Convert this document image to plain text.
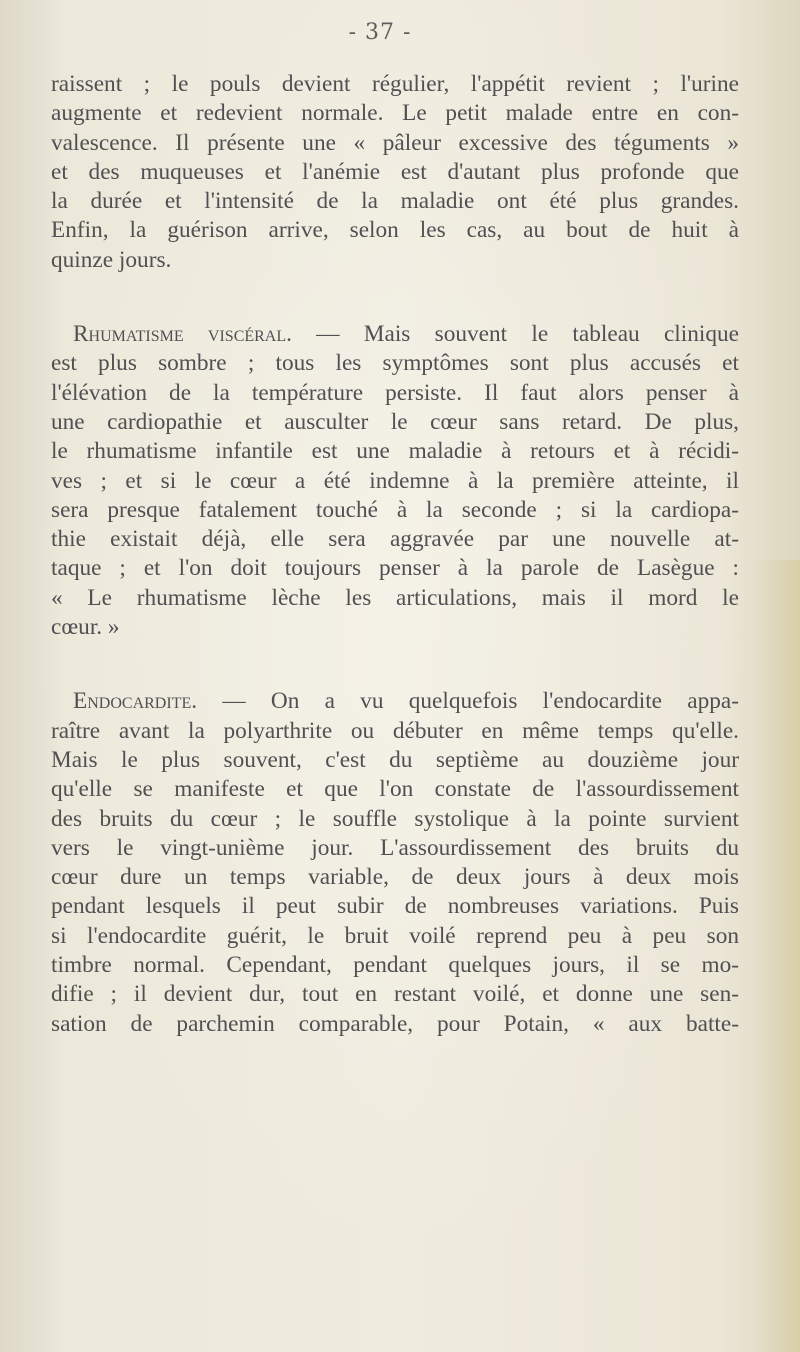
- 37 -
raissent ; le pouls devient régulier, l'appétit revient ; l'urine
augmente et redevient normale. Le petit malade entre en con-
valescence. Il présente une « pâleur excessive des téguments »
et des muqueuses et l'anémie est d'autant plus profonde que
la durée et l'intensité de la maladie ont été plus grandes.
Enfin, la guérison arrive, selon les cas, au bout de huit à
quinze jours.
Rhumatisme viscéral. — Mais souvent le tableau clinique
est plus sombre ; tous les symptômes sont plus accusés et
l'élévation de la température persiste. Il faut alors penser à
une cardiopathie et ausculter le cœur sans retard. De plus,
le rhumatisme infantile est une maladie à retours et à récidi-
ves ; et si le cœur a été indemne à la première atteinte, il
sera presque fatalement touché à la seconde ; si la cardiopa-
thie existait déjà, elle sera aggravée par une nouvelle at-
taque ; et l'on doit toujours penser à la parole de Lasègue :
« Le rhumatisme lèche les articulations, mais il mord le
cœur. »
Endocardite. — On a vu quelquefois l'endocardite appa-
raître avant la polyarthrite ou débuter en même temps qu'elle.
Mais le plus souvent, c'est du septième au douzième jour
qu'elle se manifeste et que l'on constate de l'assourdissement
des bruits du cœur ; le souffle systolique à la pointe survient
vers le vingt-unième jour. L'assourdissement des bruits du
cœur dure un temps variable, de deux jours à deux mois
pendant lesquels il peut subir de nombreuses variations. Puis
si l'endocardite guérit, le bruit voilé reprend peu à peu son
timbre normal. Cependant, pendant quelques jours, il se mo-
difie ; il devient dur, tout en restant voilé, et donne une sen-
sation de parchemin comparable, pour Potain, « aux batte-
